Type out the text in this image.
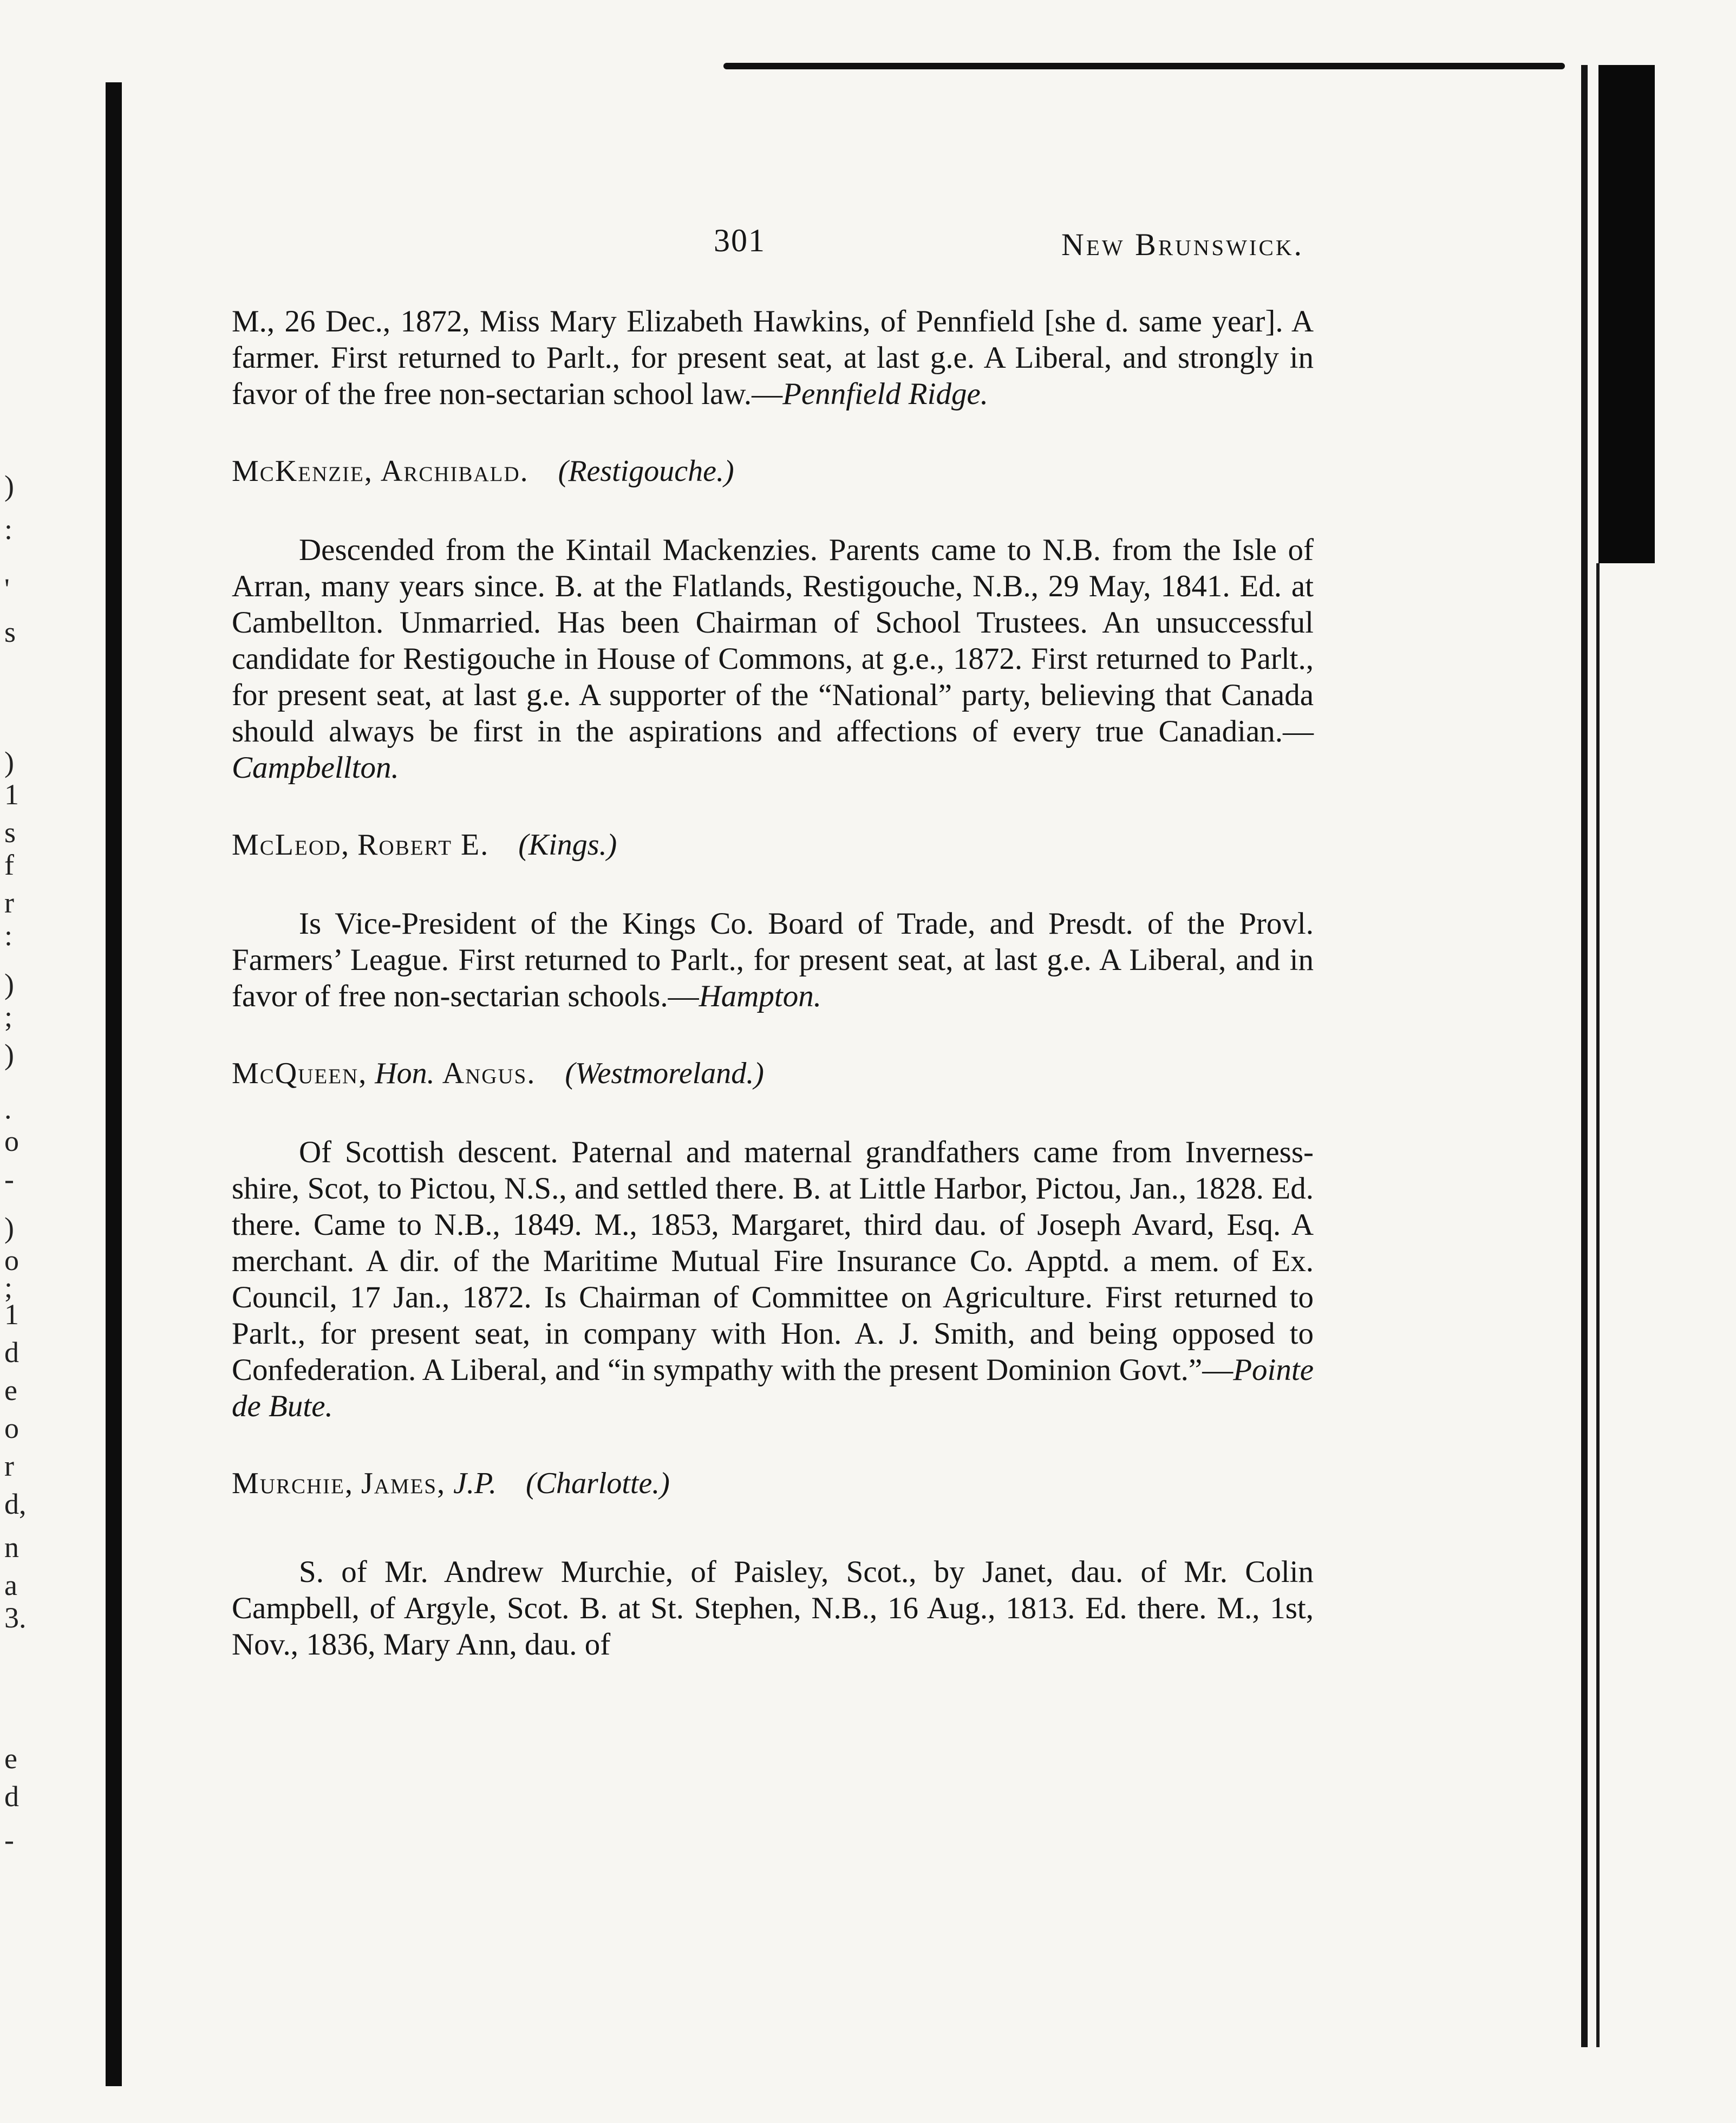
)
:
'
s
)
1
s
f
r
:
)
;
)
.
o
-
)
o
;
1
d
e
o
r
d,
n
a
3.
e
d
-
301	New Brunswick.

M., 26 Dec., 1872, Miss Mary Elizabeth Hawkins, of Pennfield [she d. same year]. A farmer. First returned to Parlt., for present seat, at last g.e. A Liberal, and strongly in favor of the free non-sectarian school law.—Pennfield Ridge.

McKenzie, Archibald. (Restigouche.)

Descended from the Kintail Mackenzies. Parents came to N.B. from the Isle of Arran, many years since. B. at the Flatlands, Restigouche, N.B., 29 May, 1841. Ed. at Cambellton. Unmarried. Has been Chairman of School Trustees. An unsuccessful candidate for Restigouche in House of Commons, at g.e., 1872. First returned to Parlt., for present seat, at last g.e. A supporter of the “National” party, believing that Canada should always be first in the aspirations and affections of every true Canadian.—Campbellton.

McLeod, Robert E. (Kings.)

Is Vice-President of the Kings Co. Board of Trade, and Presdt. of the Provl. Farmers’ League. First returned to Parlt., for present seat, at last g.e. A Liberal, and in favor of free non-sectarian schools.—Hampton.

McQueen, Hon. Angus. (Westmoreland.)

Of Scottish descent. Paternal and maternal grandfathers came from Inverness-shire, Scot, to Pictou, N.S., and settled there. B. at Little Harbor, Pictou, Jan., 1828. Ed. there. Came to N.B., 1849. M., 1853, Margaret, third dau. of Joseph Avard, Esq. A merchant. A dir. of the Maritime Mutual Fire Insurance Co. Apptd. a mem. of Ex. Council, 17 Jan., 1872. Is Chairman of Committee on Agriculture. First returned to Parlt., for present seat, in company with Hon. A. J. Smith, and being opposed to Confederation. A Liberal, and “in sympathy with the present Dominion Govt.”—Pointe de Bute.

Murchie, James, J.P. (Charlotte.)

S. of Mr. Andrew Murchie, of Paisley, Scot., by Janet, dau. of Mr. Colin Campbell, of Argyle, Scot. B. at St. Stephen, N.B., 16 Aug., 1813. Ed. there. M., 1st, Nov., 1836, Mary Ann, dau. of
